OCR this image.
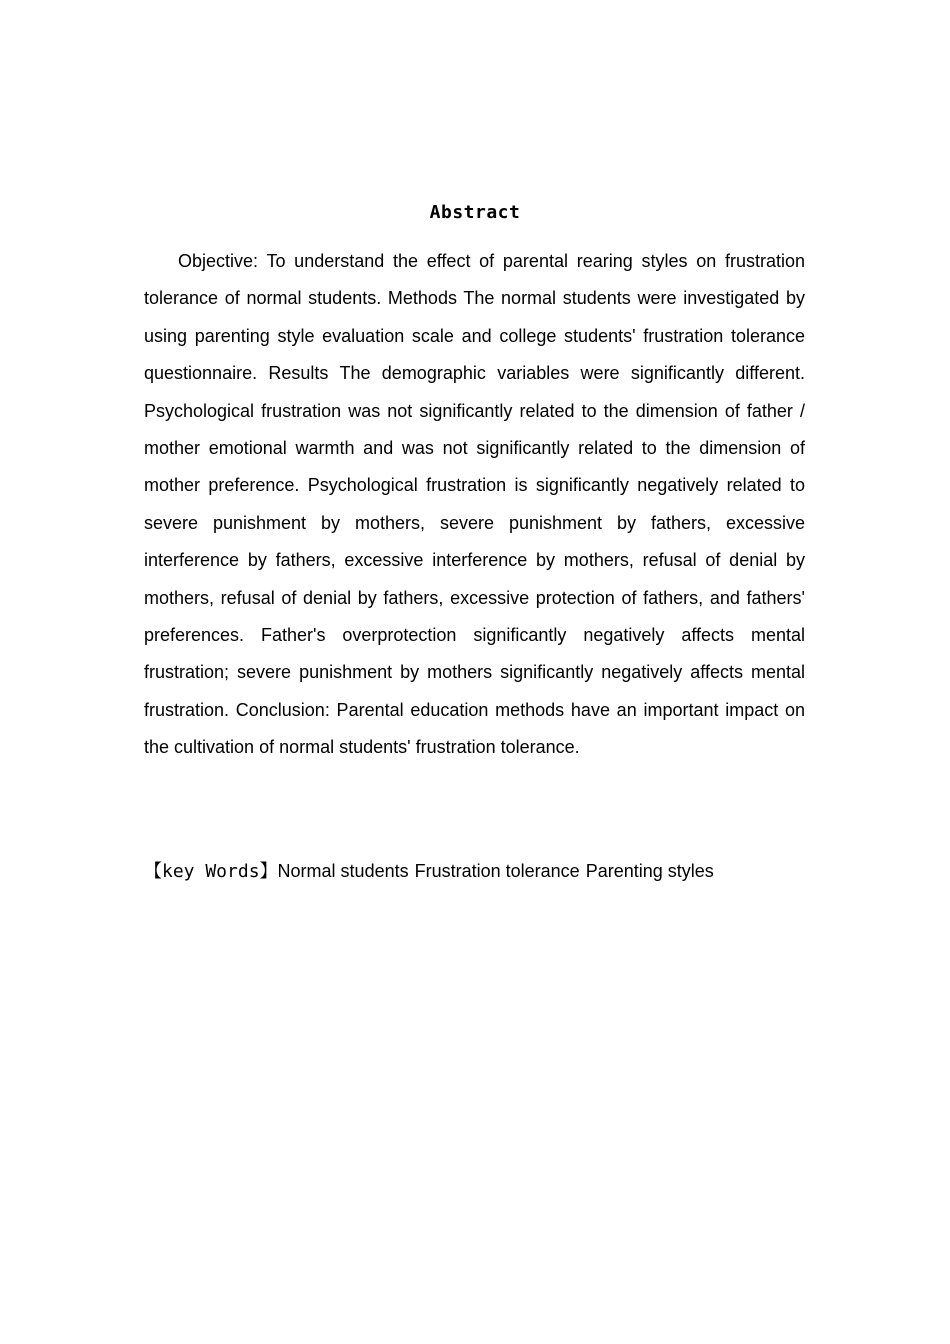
Abstract

Objective: To understand the effect of parental rearing styles on frustration tolerance of normal students. Methods The normal students were investigated by using parenting style evaluation scale and college students' frustration tolerance questionnaire. Results The demographic variables were significantly different. Psychological frustration was not significantly related to the dimension of father / mother emotional warmth and was not significantly related to the dimension of mother preference. Psychological frustration is significantly negatively related to severe punishment by mothers, severe punishment by fathers, excessive interference by fathers, excessive interference by mothers, refusal of denial by mothers, refusal of denial by fathers, excessive protection of fathers, and fathers' preferences. Father's overprotection significantly negatively affects mental frustration; severe punishment by mothers significantly negatively affects mental frustration. Conclusion: Parental education methods have an important impact on the cultivation of normal students' frustration tolerance.

【key Words】Normal students Frustration tolerance Parenting styles
